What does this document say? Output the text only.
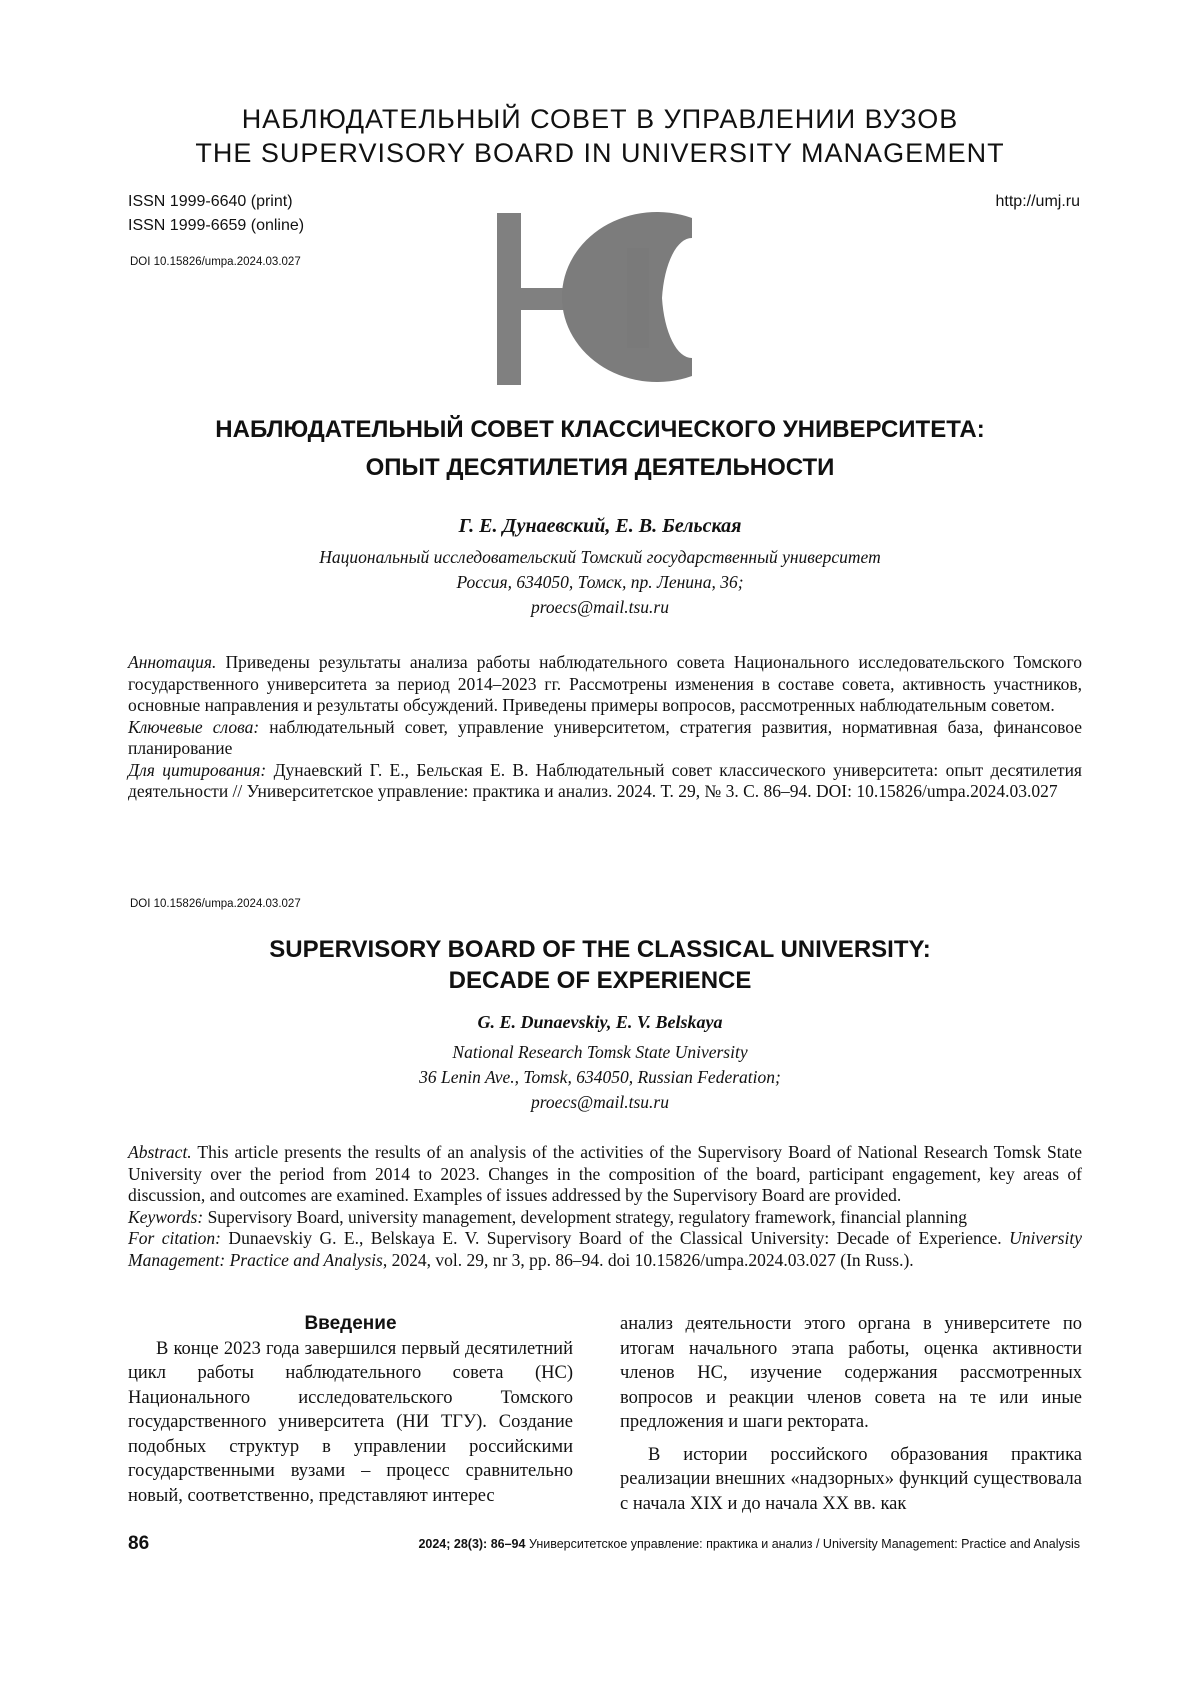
НАБЛЮДАТЕЛЬНЫЙ СОВЕТ В УПРАВЛЕНИИ ВУЗОВ
THE SUPERVISORY BOARD IN UNIVERSITY MANAGEMENT
ISSN 1999-6640 (print)
ISSN 1999-6659 (online)
http://umj.ru
DOI 10.15826/umpa.2024.03.027
НАБЛЮДАТЕЛЬНЫЙ СОВЕТ КЛАССИЧЕСКОГО УНИВЕРСИТЕТА:
ОПЫТ ДЕСЯТИЛЕТИЯ ДЕЯТЕЛЬНОСТИ
Г. Е. Дунаевский, Е. В. Бельская
Национальный исследовательский Томский государственный университет
Россия, 634050, Томск, пр. Ленина, 36;
proecs@mail.tsu.ru
Аннотация. Приведены результаты анализа работы наблюдательного совета Национального исследовательского Томского государственного университета за период 2014–2023 гг. Рассмотрены изменения в составе совета, активность участников, основные направления и результаты обсуждений. Приведены примеры вопросов, рассмотренных наблюдательным советом.
Ключевые слова: наблюдательный совет, управление университетом, стратегия развития, нормативная база, финансовое планирование
Для цитирования: Дунаевский Г. Е., Бельская Е. В. Наблюдательный совет классического университета: опыт десятилетия деятельности // Университетское управление: практика и анализ. 2024. Т. 29, № 3. С. 86–94. DOI: 10.15826/umpa.2024.03.027
DOI 10.15826/umpa.2024.03.027
SUPERVISORY BOARD OF THE CLASSICAL UNIVERSITY:
DECADE OF EXPERIENCE
G. E. Dunaevskiy, E. V. Belskaya
National Research Tomsk State University
36 Lenin Ave., Tomsk, 634050, Russian Federation;
proecs@mail.tsu.ru
Abstract. This article presents the results of an analysis of the activities of the Supervisory Board of National Research Tomsk State University over the period from 2014 to 2023. Changes in the composition of the board, participant engagement, key areas of discussion, and outcomes are examined. Examples of issues addressed by the Supervisory Board are provided.
Keywords: Supervisory Board, university management, development strategy, regulatory framework, financial planning
For citation: Dunaevskiy G. E., Belskaya E. V. Supervisory Board of the Classical University: Decade of Experience. University Management: Practice and Analysis, 2024, vol. 29, nr 3, pp. 86–94. doi 10.15826/umpa.2024.03.027 (In Russ.).
Введение

В конце 2023 года завершился первый десятилетний цикл работы наблюдательного совета (НС) Национального исследовательского Томского государственного университета (НИ ТГУ). Создание подобных структур в управлении российскими государственными вузами – процесс сравнительно новый, соответственно, представляют интерес

анализ деятельности этого органа в университете по итогам начального этапа работы, оценка активности членов НС, изучение содержания рассмотренных вопросов и реакции членов совета на те или иные предложения и шаги ректората.

В истории российского образования практика реализации внешних «надзорных» функций существовала с начала XIX и до начала XX вв. как

86	2024; 28(3): 86–94 Университетское управление: практика и анализ / University Management: Practice and Analysis
